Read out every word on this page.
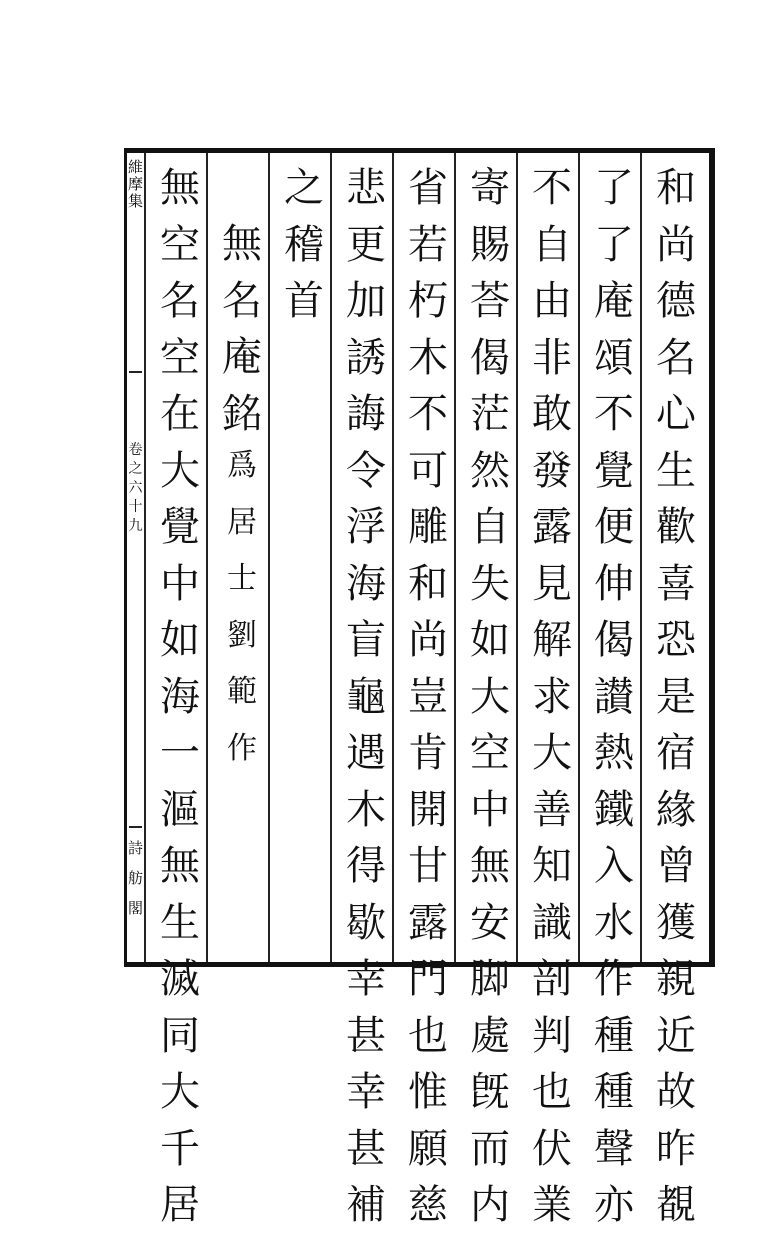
維摩集
卷之六十九
詩舫閣
和
尚
德
名
心
生
歡
喜
恐
是
宿
緣
曾
獲
親
近
故
昨
覩
了
了
庵
頌
不
覺
便
伸
偈
讃
熱
鐵
入
水
作
種
種
聲
亦
不
自
由
非
敢
發
露
見
解
求
大
善
知
識
剖
判
也
伏
業
寄
賜
荅
偈
茫
然
自
失
如
大
空
中
無
安
脚
處
旣
而
内
省
若
朽
木
不
可
雕
和
尚
豈
肯
開
甘
露
門
也
惟
願
慈
悲
更
加
誘
誨
令
浮
海
盲
龜
遇
木
得
歇
幸
甚
幸
甚
補
之
稽
首
無
名
庵
銘
爲
居
士
劉
範
作
無
空
名
空
在
大
覺
中
如
海
一
漚
無
生
滅
同
大
千
居
